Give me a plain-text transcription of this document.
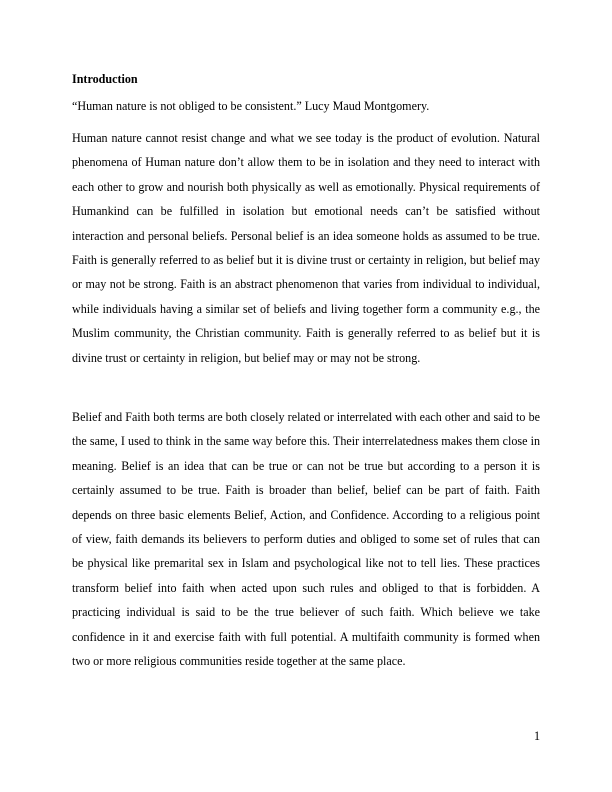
Introduction

“Human nature is not obliged to be consistent.” Lucy Maud Montgomery.

Human nature cannot resist change and what we see today is the product of evolution. Natural phenomena of Human nature don’t allow them to be in isolation and they need to interact with each other to grow and nourish both physically as well as emotionally. Physical requirements of Humankind can be fulfilled in isolation but emotional needs can’t be satisfied without interaction and personal beliefs. Personal belief is an idea someone holds as assumed to be true. Faith is generally referred to as belief but it is divine trust or certainty in religion, but belief may or may not be strong. Faith is an abstract phenomenon that varies from individual to individual, while individuals having a similar set of beliefs and living together form a community e.g., the Muslim community, the Christian community. Faith is generally referred to as belief but it is divine trust or certainty in religion, but belief may or may not be strong.

Belief and Faith both terms are both closely related or interrelated with each other and said to be the same, I used to think in the same way before this. Their interrelatedness makes them close in meaning. Belief is an idea that can be true or can not be true but according to a person it is certainly assumed to be true. Faith is broader than belief, belief can be part of faith. Faith depends on three basic elements Belief, Action, and Confidence. According to a religious point of view, faith demands its believers to perform duties and obliged to some set of rules that can be physical like premarital sex in Islam and psychological like not to tell lies. These practices transform belief into faith when acted upon such rules and obliged to that is forbidden. A practicing individual is said to be the true believer of such faith. Which believe we take confidence in it and exercise faith with full potential. A multifaith community is formed when two or more religious communities reside together at the same place.

1
